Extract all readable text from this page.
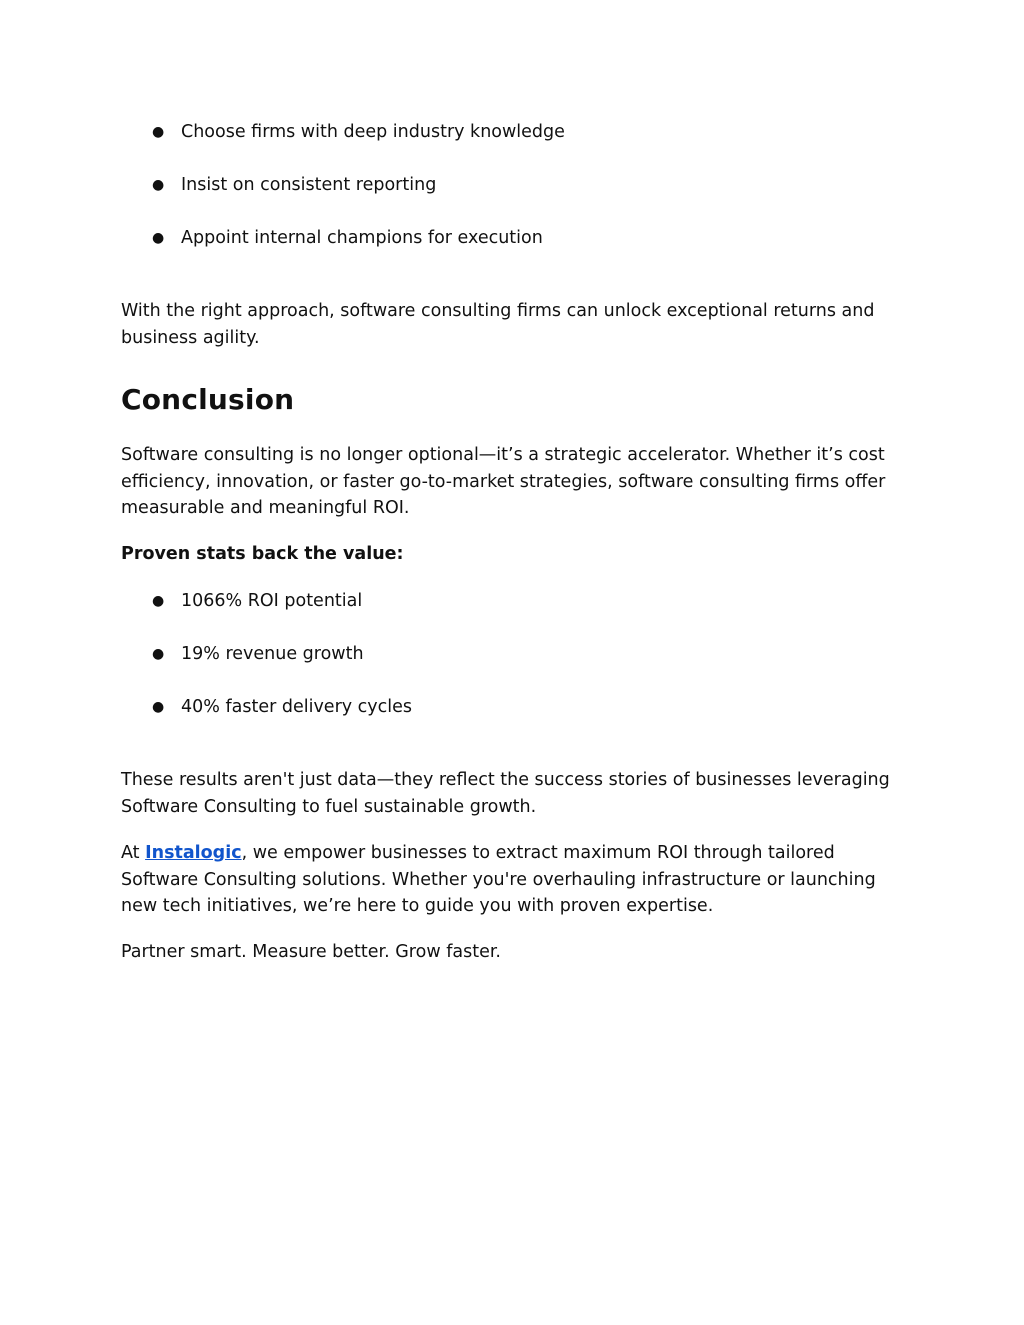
● Choose firms with deep industry knowledge
● Insist on consistent reporting
● Appoint internal champions for execution

With the right approach, software consulting firms can unlock exceptional returns and business agility.

Conclusion

Software consulting is no longer optional—it’s a strategic accelerator. Whether it’s cost efficiency, innovation, or faster go-to-market strategies, software consulting firms offer measurable and meaningful ROI.

Proven stats back the value:

● 1066% ROI potential
● 19% revenue growth
● 40% faster delivery cycles

These results aren't just data—they reflect the success stories of businesses leveraging Software Consulting to fuel sustainable growth.

At Instalogic, we empower businesses to extract maximum ROI through tailored Software Consulting solutions. Whether you're overhauling infrastructure or launching new tech initiatives, we’re here to guide you with proven expertise.

Partner smart. Measure better. Grow faster.
